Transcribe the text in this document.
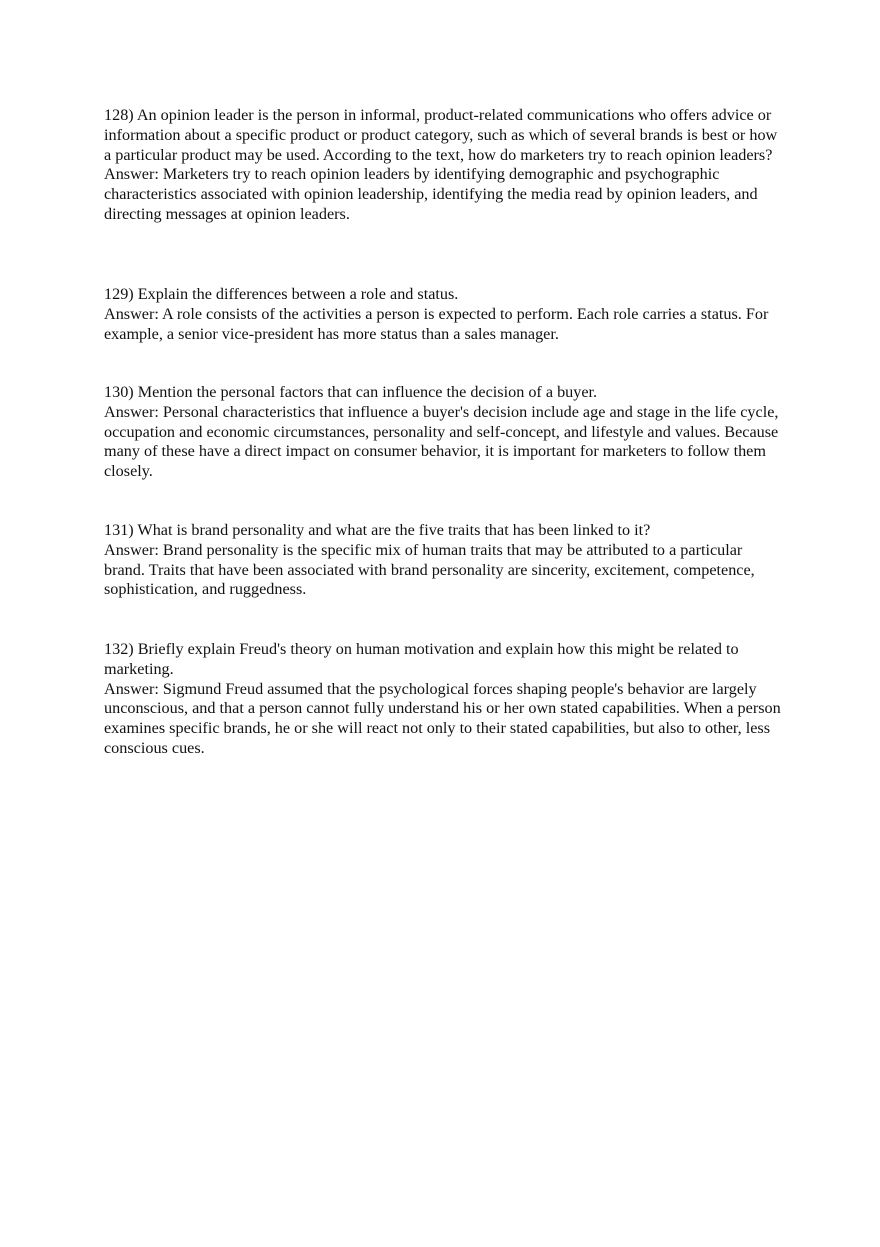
128) An opinion leader is the person in informal, product-related communications who offers advice or information about a specific product or product category, such as which of several brands is best or how a particular product may be used. According to the text, how do marketers try to reach opinion leaders?

Answer: Marketers try to reach opinion leaders by identifying demographic and psychographic characteristics associated with opinion leadership, identifying the media read by opinion leaders, and directing messages at opinion leaders.

129) Explain the differences between a role and status.

Answer: A role consists of the activities a person is expected to perform. Each role carries a status. For example, a senior vice-president has more status than a sales manager.

130) Mention the personal factors that can influence the decision of a buyer.

Answer: Personal characteristics that influence a buyer's decision include age and stage in the life cycle, occupation and economic circumstances, personality and self-concept, and lifestyle and values. Because many of these have a direct impact on consumer behavior, it is important for marketers to follow them closely.

131) What is brand personality and what are the five traits that has been linked to it?

Answer: Brand personality is the specific mix of human traits that may be attributed to a particular brand. Traits that have been associated with brand personality are sincerity, excitement, competence, sophistication, and ruggedness.

132) Briefly explain Freud's theory on human motivation and explain how this might be related to marketing.

Answer: Sigmund Freud assumed that the psychological forces shaping people's behavior are largely unconscious, and that a person cannot fully understand his or her own stated capabilities. When a person examines specific brands, he or she will react not only to their stated capabilities, but also to other, less conscious cues.
